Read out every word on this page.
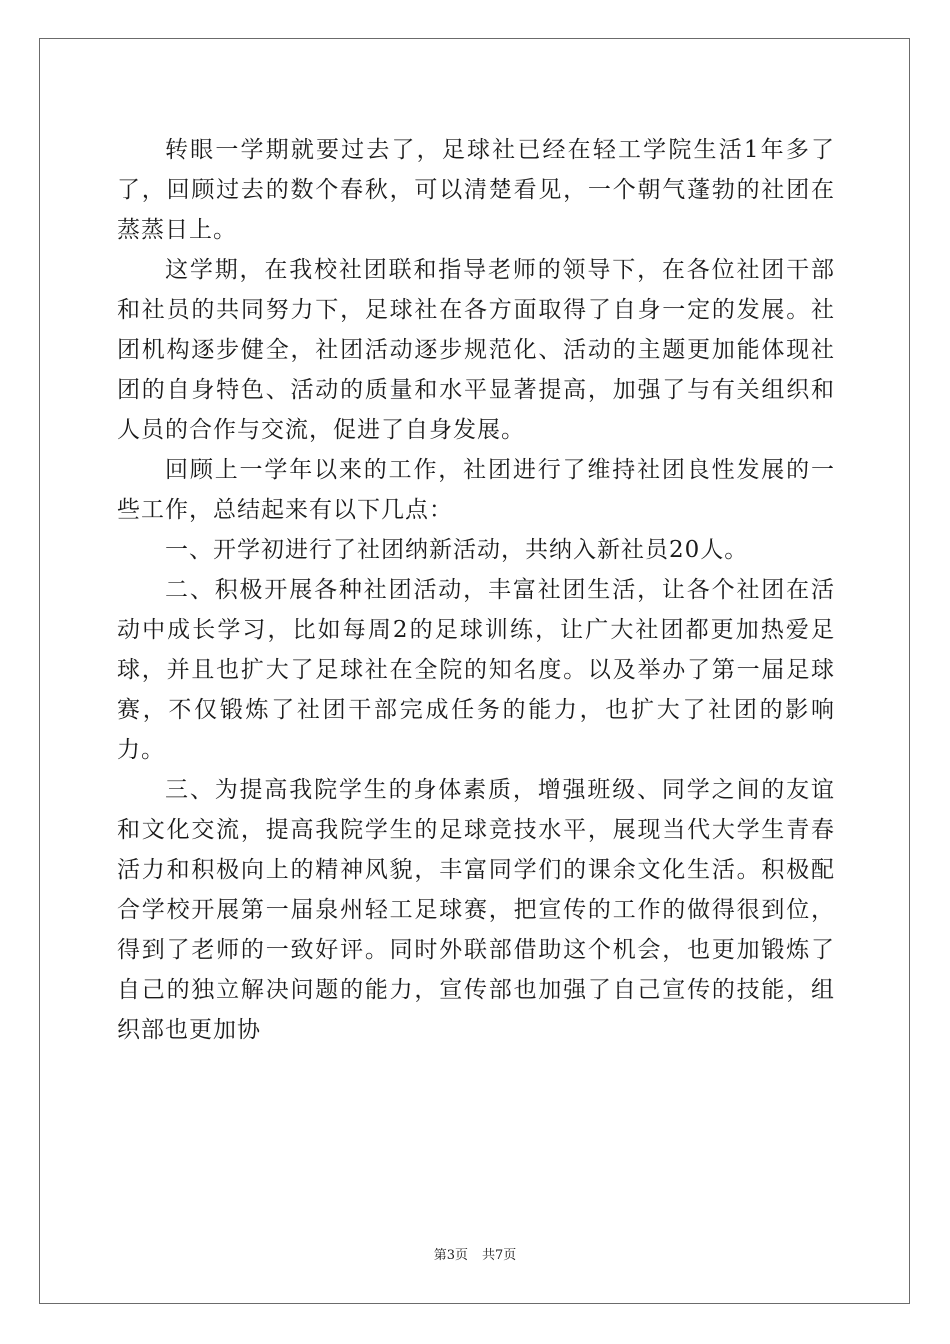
转眼一学期就要过去了，足球社已经在轻工学院生活1年多了了，回顾过去的数个春秋，可以清楚看见，一个朝气蓬勃的社团在蒸蒸日上。

这学期，在我校社团联和指导老师的领导下，在各位社团干部和社员的共同努力下，足球社在各方面取得了自身一定的发展。社团机构逐步健全，社团活动逐步规范化、活动的主题更加能体现社团的自身特色、活动的质量和水平显著提高，加强了与有关组织和人员的合作与交流，促进了自身发展。

回顾上一学年以来的工作，社团进行了维持社团良性发展的一些工作，总结起来有以下几点：

一、开学初进行了社团纳新活动，共纳入新社员20人。

二、积极开展各种社团活动，丰富社团生活，让各个社团在活动中成长学习，比如每周2的足球训练，让广大社团都更加热爱足球，并且也扩大了足球社在全院的知名度。以及举办了第一届足球赛，不仅锻炼了社团干部完成任务的能力，也扩大了社团的影响力。

三、为提高我院学生的身体素质，增强班级、同学之间的友谊和文化交流，提高我院学生的足球竞技水平，展现当代大学生青春活力和积极向上的精神风貌，丰富同学们的课余文化生活。积极配合学校开展第一届泉州轻工足球赛，把宣传的工作的做得很到位，得到了老师的一致好评。同时外联部借助这个机会，也更加锻炼了自己的独立解决问题的能力，宣传部也加强了自己宣传的技能，组织部也更加协

第3页 共7页
